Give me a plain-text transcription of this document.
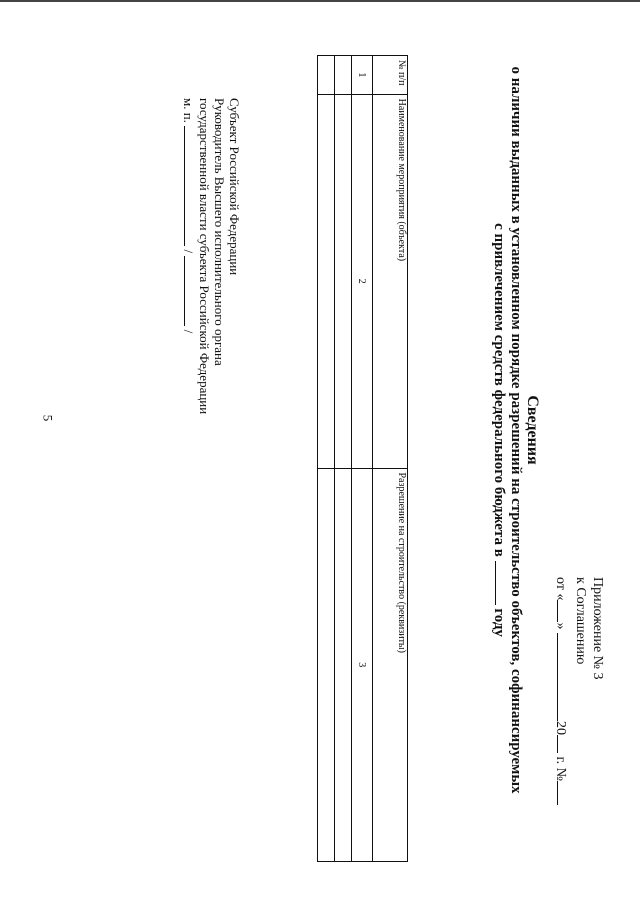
5
Приложение № 3
к Соглашению
от «» 20 г. №
Сведения
о наличии выданных в установленном порядке разрешений на строительство объектов, софинансируемых
с привлечением средств федерального бюджета в  году
№ п/п	Наименование мероприятия (объекта)	Разрешение на строительство (реквизиты)
1	2	3

Субъект Российской Федерации
Руководитель Высшего исполнительного органа
государственной власти субъекта Российской Федерации
м. п.  /  /
